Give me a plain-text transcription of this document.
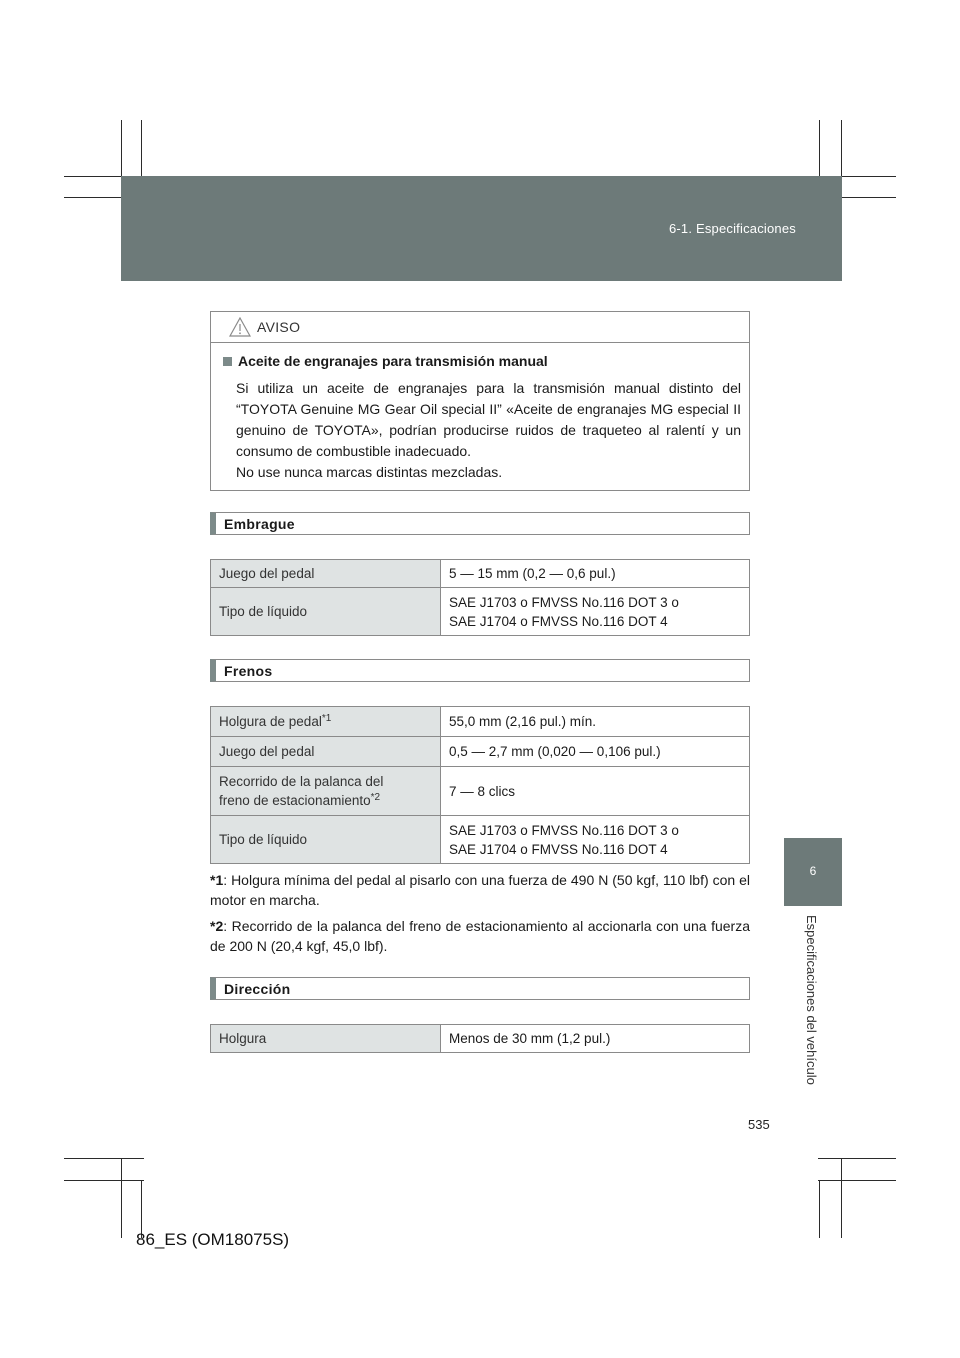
6-1. Especificaciones
6
Especificaciones del vehículo
AVISO
Aceite de engranajes para transmisión manual

Si utiliza un aceite de engranajes para la transmisión manual distinto del “TOYOTA Genuine MG Gear Oil special II” «Aceite de engranajes MG especial II genuino de TOYOTA», podrían producirse ruidos de traqueteo al ralentí y un consumo de combustible inadecuado.

No use nunca marcas distintas mezcladas.

Embrague
Juego del pedal	5 — 15 mm (0,2 — 0,6 pul.)
Tipo de líquido	SAE J1703 o FMVSS No.116 DOT 3 o
SAE J1704 o FMVSS No.116 DOT 4
Frenos
Holgura de pedal$^{*1}$	55,0 mm (2,16 pul.) mín.
Juego del pedal	0,5 — 2,7 mm (0,020 — 0,106 pul.)
Recorrido de la palanca del
freno de estacionamiento$^{*2}$	7 — 8 clics
Tipo de líquido	SAE J1703 o FMVSS No.116 DOT 3 o
SAE J1704 o FMVSS No.116 DOT 4
*1: Holgura mínima del pedal al pisarlo con una fuerza de 490 N (50 kgf, 110 lbf) con el motor en marcha.
*2: Recorrido de la palanca del freno de estacionamiento al accionarla con una fuerza de 200 N (20,4 kgf, 45,0 lbf).
Dirección
Holgura	Menos de 30 mm (1,2 pul.)
535
86_ES (OM18075S)
